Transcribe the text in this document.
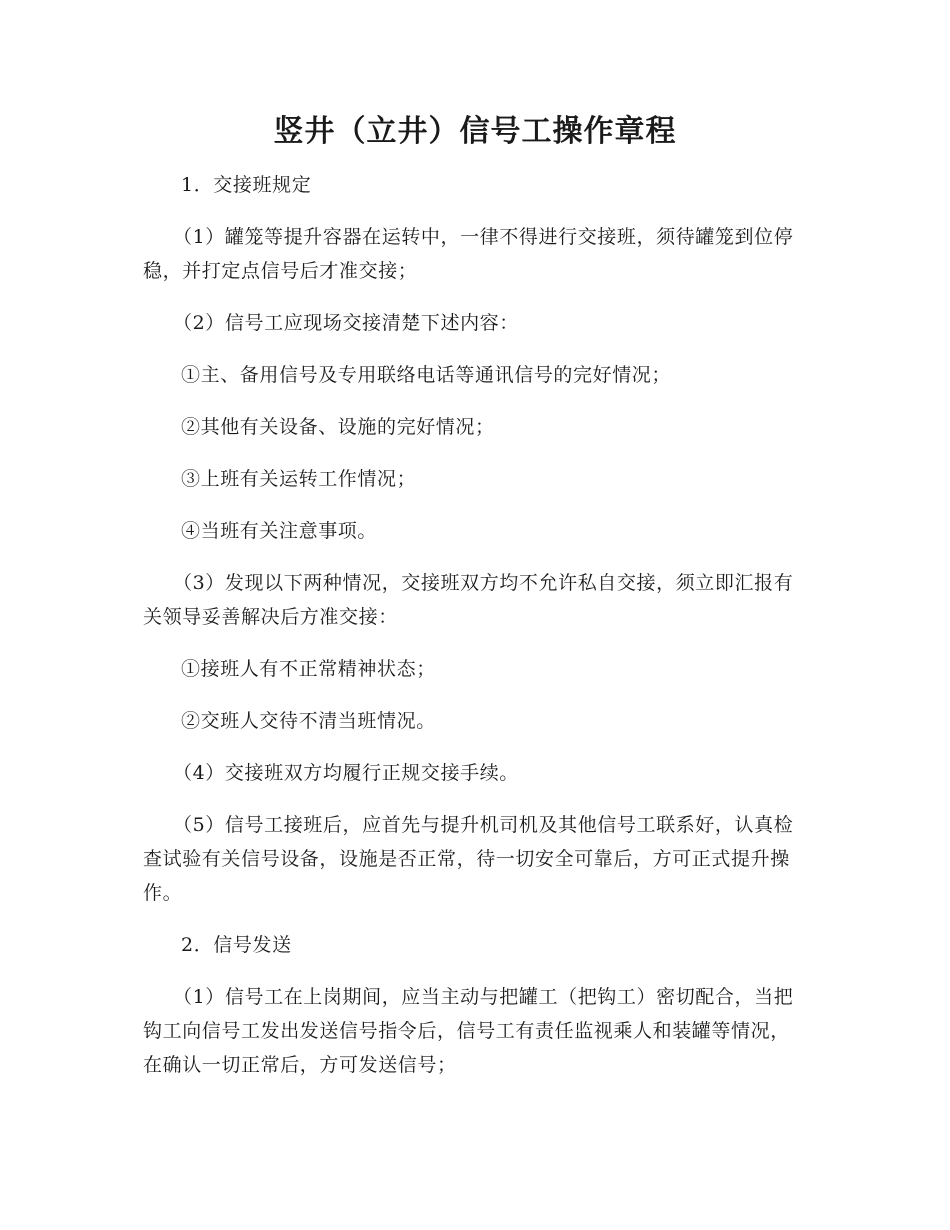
竖井（立井）信号工操作章程

1．交接班规定

（1）罐笼等提升容器在运转中，一律不得进行交接班，须待罐笼到位停稳，并打定点信号后才准交接；

（2）信号工应现场交接清楚下述内容：

①主、备用信号及专用联络电话等通讯信号的完好情况；

②其他有关设备、设施的完好情况；

③上班有关运转工作情况；

④当班有关注意事项。

（3）发现以下两种情况，交接班双方均不允许私自交接，须立即汇报有关领导妥善解决后方准交接：

①接班人有不正常精神状态；

②交班人交待不清当班情况。

（4）交接班双方均履行正规交接手续。

（5）信号工接班后，应首先与提升机司机及其他信号工联系好，认真检查试验有关信号设备，设施是否正常，待一切安全可靠后，方可正式提升操作。

2．信号发送

（1）信号工在上岗期间，应当主动与把罐工（把钩工）密切配合，当把钩工向信号工发出发送信号指令后，信号工有责任监视乘人和装罐等情况，在确认一切正常后，方可发送信号；
